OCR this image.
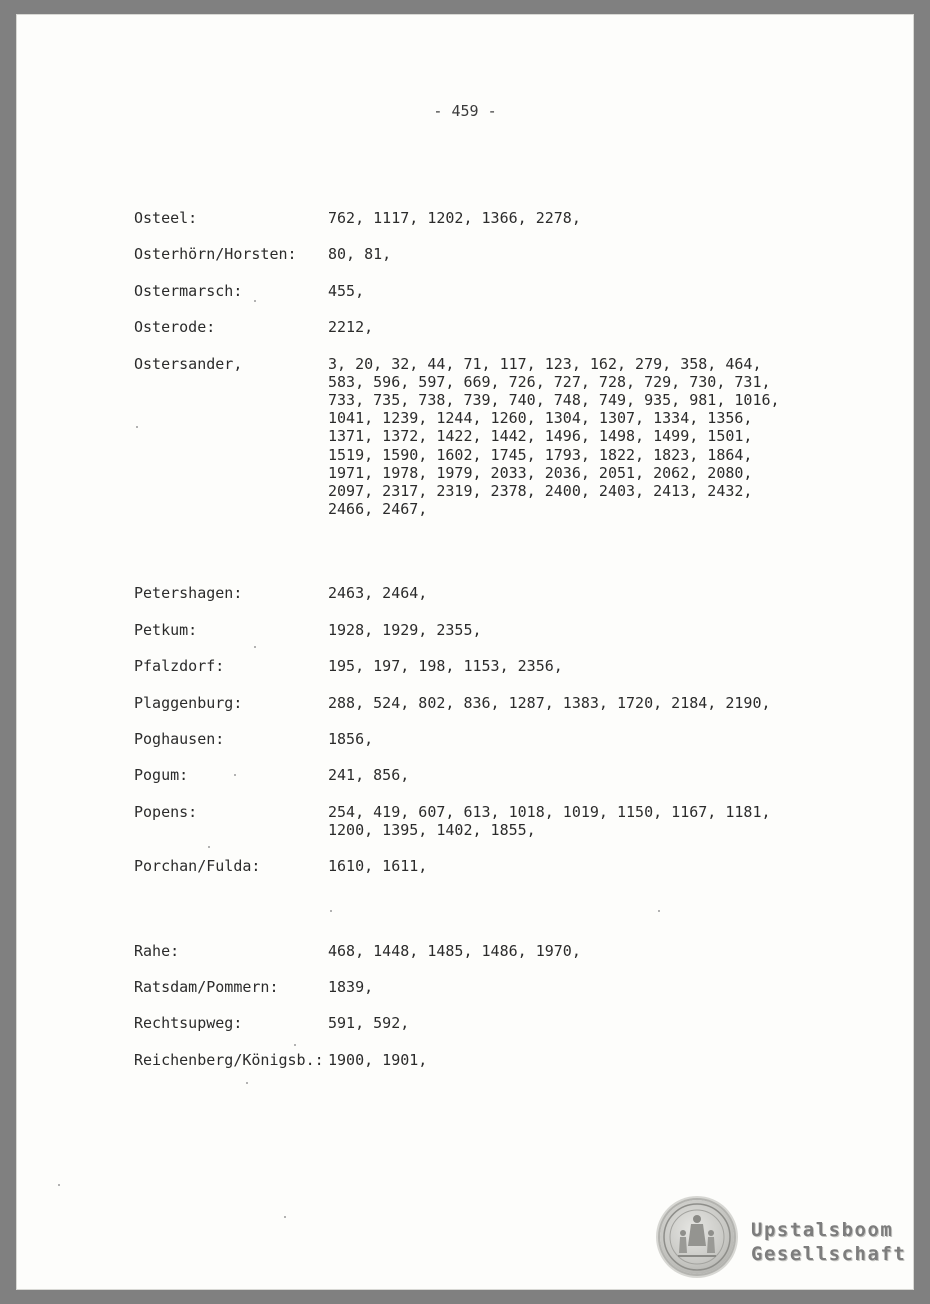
- 459 -
Osteel:	762, 1117, 1202, 1366, 2278,
Osterhörn/Horsten:	80, 81,
Ostermarsch:	455,
Osterode:	2212,
Ostersander,	3, 20, 32, 44, 71, 117, 123, 162, 279, 358, 464,
583, 596, 597, 669, 726, 727, 728, 729, 730, 731,
733, 735, 738, 739, 740, 748, 749, 935, 981, 1016,
1041, 1239, 1244, 1260, 1304, 1307, 1334, 1356,
1371, 1372, 1422, 1442, 1496, 1498, 1499, 1501,
1519, 1590, 1602, 1745, 1793, 1822, 1823, 1864,
1971, 1978, 1979, 2033, 2036, 2051, 2062, 2080,
2097, 2317, 2319, 2378, 2400, 2403, 2413, 2432,
2466, 2467,
Petershagen:	2463, 2464,
Petkum:	1928, 1929, 2355,
Pfalzdorf:	195, 197, 198, 1153, 2356,
Plaggenburg:	288, 524, 802, 836, 1287, 1383, 1720, 2184, 2190,
Poghausen:	1856,
Pogum:	241, 856,
Popens:	254, 419, 607, 613, 1018, 1019, 1150, 1167, 1181,
1200, 1395, 1402, 1855,
Porchan/Fulda:	1610, 1611,
Rahe:	468, 1448, 1485, 1486, 1970,
Ratsdam/Pommern:	1839,
Rechtsupweg:	591, 592,
Reichenberg/Königsb.: 1900, 1901,
Upstalsboom
Gesellschaft
